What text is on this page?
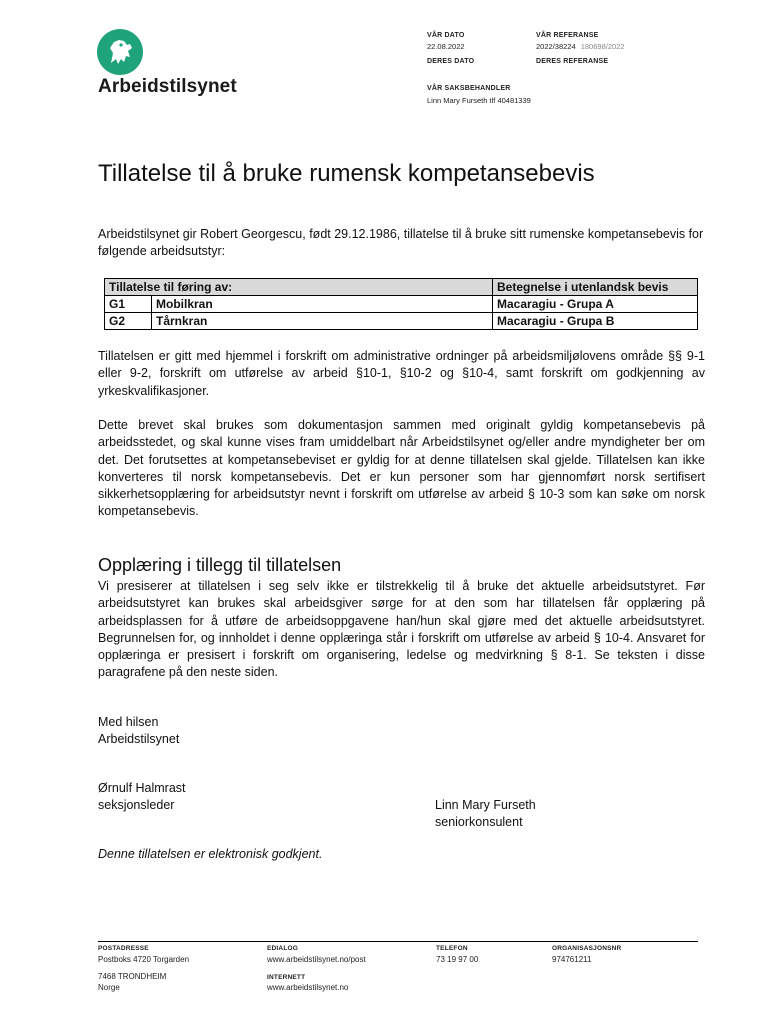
Arbeidstilsynet
VÅR DATO
22.08.2022
VÅR REFERANSE
2022/38224 180698/2022
DERES DATO	DERES REFERANSE
VÅR SAKSBEHANDLER
Linn Mary Furseth tlf 40481339
Tillatelse til å bruke rumensk kompetansebevis
Arbeidstilsynet gir Robert Georgescu, født 29.12.1986, tillatelse til å bruke sitt rumenske kompetansebevis for følgende arbeidsutstyr:
Tillatelse til føring av:		Betegnelse i utenlandsk bevis
G1	Mobilkran	Macaragiu - Grupa A
G2	Tårnkran	Macaragiu - Grupa B
Tillatelsen er gitt med hjemmel i forskrift om administrative ordninger på arbeidsmiljølovens område §§ 9-1 eller 9-2, forskrift om utførelse av arbeid §10-1, §10-2 og §10-4, samt forskrift om godkjenning av yrkeskvalifikasjoner.
Dette brevet skal brukes som dokumentasjon sammen med originalt gyldig kompetansebevis på arbeidsstedet, og skal kunne vises fram umiddelbart når Arbeidstilsynet og/eller andre myndigheter ber om det. Det forutsettes at kompetansebeviset er gyldig for at denne tillatelsen skal gjelde. Tillatelsen kan ikke konverteres til norsk kompetansebevis. Det er kun personer som har gjennomført norsk sertifisert sikkerhetsopplæring for arbeidsutstyr nevnt i forskrift om utførelse av arbeid § 10-3 som kan søke om norsk kompetansebevis.
Opplæring i tillegg til tillatelsen
Vi presiserer at tillatelsen i seg selv ikke er tilstrekkelig til å bruke det aktuelle arbeidsutstyret. Før arbeidsutstyret kan brukes skal arbeidsgiver sørge for at den som har tillatelsen får opplæring på arbeidsplassen for å utføre de arbeidsoppgavene han/hun skal gjøre med det aktuelle arbeidsutstyret. Begrunnelsen for, og innholdet i denne opplæringa står i forskrift om utførelse av arbeid § 10-4. Ansvaret for opplæringa er presisert i forskrift om organisering, ledelse og medvirkning § 8-1. Se teksten i disse paragrafene på den neste siden.
Med hilsen
Arbeidstilsynet
Ørnulf Halmrast
seksjonsleder	Linn Mary Furseth
seniorkonsulent
Denne tillatelsen er elektronisk godkjent.
POSTADRESSE
Postboks 4720 Torgarden
7468 TRONDHEIM
Norge
EDIALOG
www.arbeidstilsynet.no/post
INTERNETT
www.arbeidstilsynet.no
TELEFON
73 19 97 00
ORGANISASJONSNR
974761211
